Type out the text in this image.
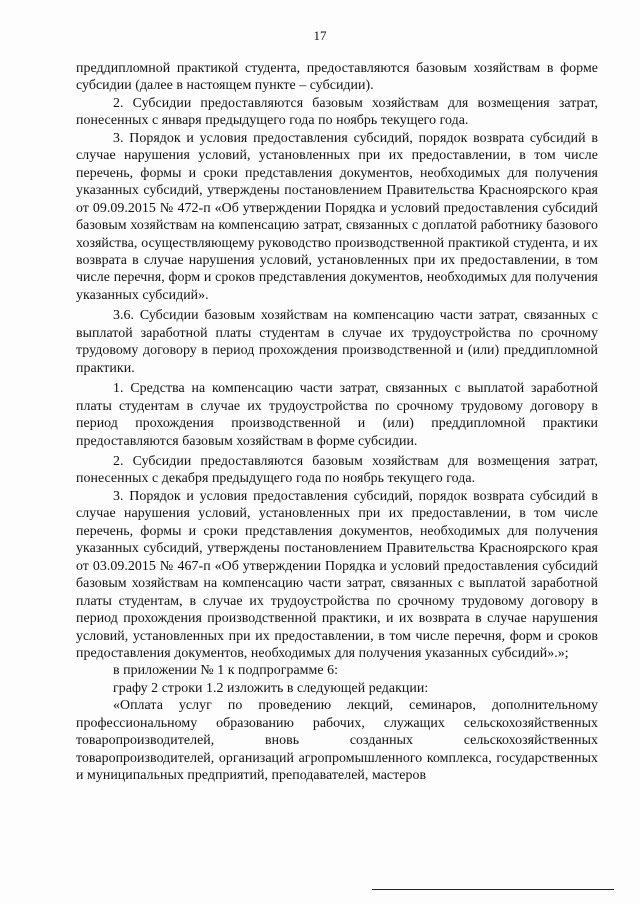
17

преддипломной практикой студента, предоставляются базовым хозяйствам в форме субсидии (далее в настоящем пункте – субсидии).

2. Субсидии предоставляются базовым хозяйствам для возмещения затрат, понесенных с января предыдущего года по ноябрь текущего года.

3. Порядок и условия предоставления субсидий, порядок возврата субсидий в случае нарушения условий, установленных при их предоставлении, в том числе перечень, формы и сроки представления документов, необходимых для получения указанных субсидий, утверждены постановлением Правительства Красноярского края от 09.09.2015 № 472-п «Об утверждении Порядка и условий предоставления субсидий базовым хозяйствам на компенсацию затрат, связанных с доплатой работнику базового хозяйства, осуществляющему руководство производственной практикой студента, и их возврата в случае нарушения условий, установленных при их предоставлении, в том числе перечня, форм и сроков представления документов, необходимых для получения указанных субсидий».

3.6. Субсидии базовым хозяйствам на компенсацию части затрат, связанных с выплатой заработной платы студентам в случае их трудоустройства по срочному трудовому договору в период прохождения производственной и (или) преддипломной практики.

1. Средства на компенсацию части затрат, связанных с выплатой заработной платы студентам в случае их трудоустройства по срочному трудовому договору в период прохождения производственной и (или) преддипломной практики предоставляются базовым хозяйствам в форме субсидии.

2. Субсидии предоставляются базовым хозяйствам для возмещения затрат, понесенных с декабря предыдущего года по ноябрь текущего года.

3. Порядок и условия предоставления субсидий, порядок возврата субсидий в случае нарушения условий, установленных при их предоставлении, в том числе перечень, формы и сроки представления документов, необходимых для получения указанных субсидий, утверждены постановлением Правительства Красноярского края от 03.09.2015 № 467-п «Об утверждении Порядка и условий предоставления субсидий базовым хозяйствам на компенсацию части затрат, связанных с выплатой заработной платы студентам, в случае их трудоустройства по срочному трудовому договору в период прохождения производственной практики, и их возврата в случае нарушения условий, установленных при их предоставлении, в том числе перечня, форм и сроков предоставления документов, необходимых для получения указанных субсидий».»;

в приложении № 1 к подпрограмме 6:

графу 2 строки 1.2 изложить в следующей редакции:

«Оплата услуг по проведению лекций, семинаров, дополнительному профессиональному образованию рабочих, служащих сельскохозяйственных товаропроизводителей, вновь созданных сельскохозяйственных товаропроизводителей, организаций агропромышленного комплекса, государственных и муниципальных предприятий, преподавателей, мастеров
